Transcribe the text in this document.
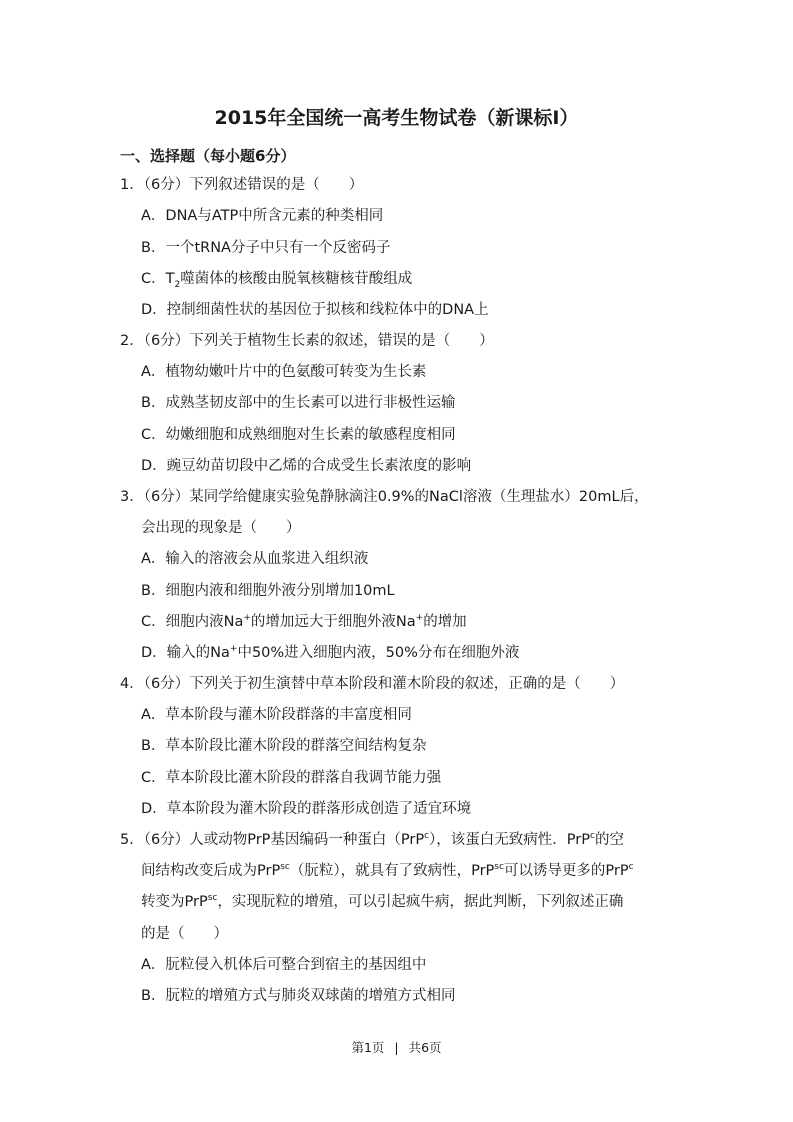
2015年全国统一高考生物试卷（新课标Ⅰ）
一、选择题（每小题6分）
1．（6分）下列叙述错误的是（　　）
A．DNA与ATP中所含元素的种类相同
B．一个tRNA分子中只有一个反密码子
C．$T_2$噬菌体的核酸由脱氧核糖核苷酸组成
D．控制细菌性状的基因位于拟核和线粒体中的DNA上
2．（6分）下列关于植物生长素的叙述，错误的是（　　）
A．植物幼嫩叶片中的色氨酸可转变为生长素
B．成熟茎韧皮部中的生长素可以进行非极性运输
C．幼嫩细胞和成熟细胞对生长素的敏感程度相同
D．豌豆幼苗切段中乙烯的合成受生长素浓度的影响
3．（6分）某同学给健康实验兔静脉滴注0.9%的NaCl溶液（生理盐水）20mL后，
会出现的现象是（　　）
A．输入的溶液会从血浆进入组织液
B．细胞内液和细胞外液分别增加10mL
C．细胞内液Na+的增加远大于细胞外液Na+的增加
D．输入的Na+中50%进入细胞内液，50%分布在细胞外液
4．（6分）下列关于初生演替中草本阶段和灌木阶段的叙述，正确的是（　　）
A．草本阶段与灌木阶段群落的丰富度相同
B．草本阶段比灌木阶段的群落空间结构复杂
C．草本阶段比灌木阶段的群落自我调节能力强
D．草本阶段为灌木阶段的群落形成创造了适宜环境
5．（6分）人或动物PrP基因编码一种蛋白（PrP$^c$），该蛋白无致病性．PrP$^c$的空
间结构改变后成为PrP$^{sc}$（朊粒），就具有了致病性，PrP$^{sc}$可以诱导更多的PrP$^c$
转变为PrP$^{sc}$，实现朊粒的增殖，可以引起疯牛病，据此判断，下列叙述正确
的是（　　）
A．朊粒侵入机体后可整合到宿主的基因组中
B．朊粒的增殖方式与肺炎双球菌的增殖方式相同
第1页 | 共6页
